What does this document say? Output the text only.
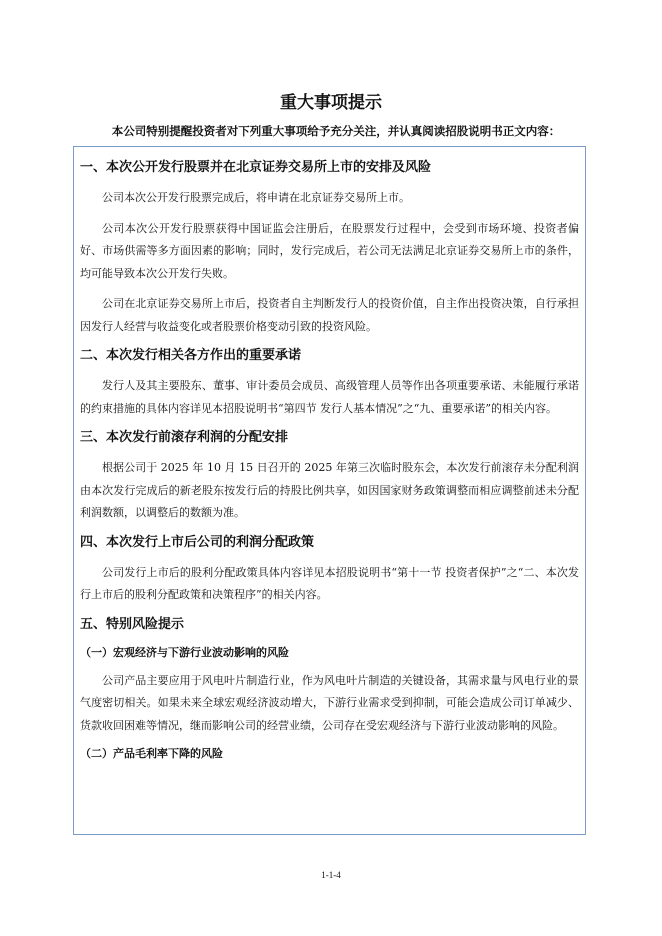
重大事项提示

本公司特别提醒投资者对下列重大事项给予充分关注，并认真阅读招股说明书正文内容：

一、本次公开发行股票并在北京证券交易所上市的安排及风险

公司本次公开发行股票完成后，将申请在北京证券交易所上市。

公司本次公开发行股票获得中国证监会注册后，在股票发行过程中，会受到市场环境、投资者偏好、市场供需等多方面因素的影响；同时，发行完成后，若公司无法满足北京证券交易所上市的条件，均可能导致本次公开发行失败。

公司在北京证券交易所上市后，投资者自主判断发行人的投资价值，自主作出投资决策，自行承担因发行人经营与收益变化或者股票价格变动引致的投资风险。

二、本次发行相关各方作出的重要承诺

发行人及其主要股东、董事、审计委员会成员、高级管理人员等作出各项重要承诺、未能履行承诺的约束措施的具体内容详见本招股说明书“第四节 发行人基本情况”之“九、重要承诺”的相关内容。

三、本次发行前滚存利润的分配安排

根据公司于 2025 年 10 月 15 日召开的 2025 年第三次临时股东会，本次发行前滚存未分配利润由本次发行完成后的新老股东按发行后的持股比例共享，如因国家财务政策调整而相应调整前述未分配利润数额，以调整后的数额为准。

四、本次发行上市后公司的利润分配政策

公司发行上市后的股利分配政策具体内容详见本招股说明书“第十一节 投资者保护”之“二、本次发行上市后的股利分配政策和决策程序”的相关内容。

五、特别风险提示
（一）宏观经济与下游行业波动影响的风险

公司产品主要应用于风电叶片制造行业，作为风电叶片制造的关键设备，其需求量与风电行业的景气度密切相关。如果未来全球宏观经济波动增大，下游行业需求受到抑制，可能会造成公司订单减少、货款收回困难等情况，继而影响公司的经营业绩，公司存在受宏观经济与下游行业波动影响的风险。

（二）产品毛利率下降的风险

1-1-4
